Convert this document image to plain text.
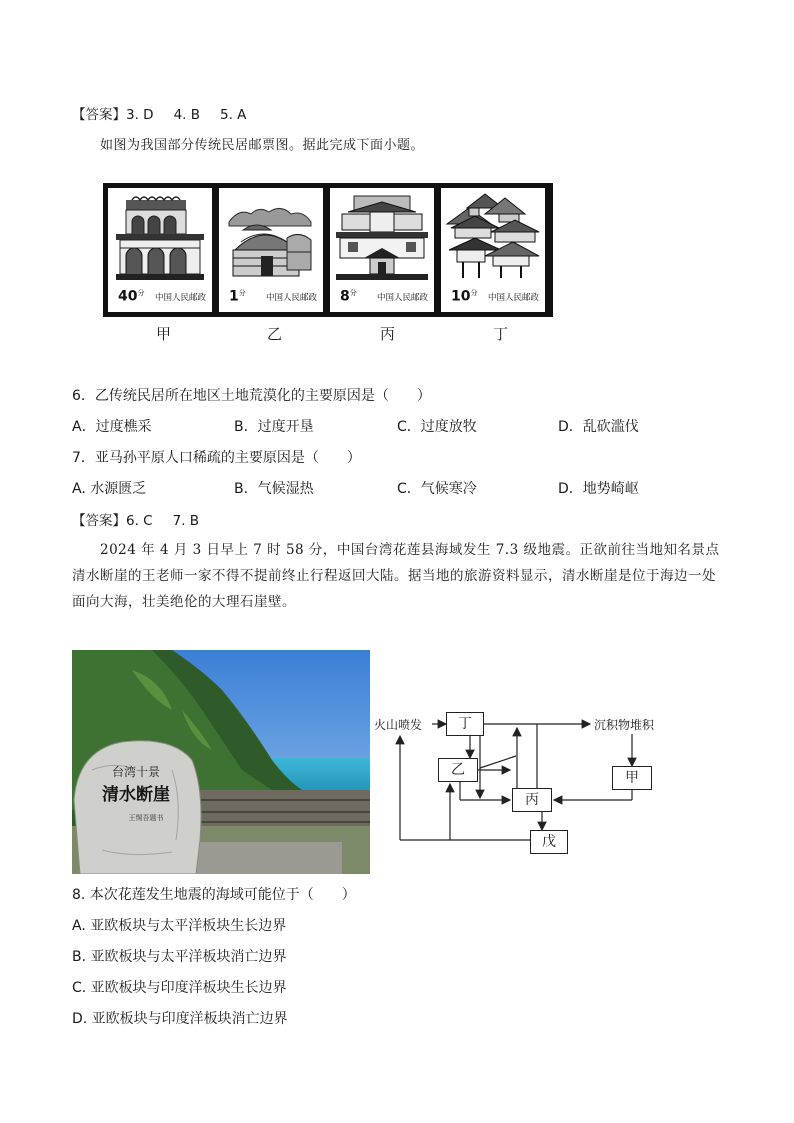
【答案】3. D 4. B 5. A
如图为我国部分传统民居邮票图。据此完成下面小题。
$40^分$ 中国人民邮政 $1^分$ 中国人民邮政 $8^分$ 中国人民邮政 $10^分$ 中国人民邮政
甲	乙	丙	丁
6．乙传统民居所在地区土地荒漠化的主要原因是（　　）
A．过度樵采	B．过度开垦	C．过度放牧	D．乱砍滥伐
7．亚马孙平原人口稀疏的主要原因是（　　）
A. 水源匮乏	B．气候湿热	C．气候寒冷	D．地势崎岖
【答案】6. C 7. B
2024 年 4 月 3 日早上 7 时 58 分，中国台湾花莲县海域发生 7.3 级地震。正欲前往当地知名景点清水断崖的王老师一家不得不提前终止行程返回大陆。据当地的旅游资料显示，清水断崖是位于海边一处面向大海，壮美绝伦的大理石崖壁。
台湾十景
清水断崖
王惕吾题书
火山喷发	沉积物堆积
丁
乙
丙
甲
戊
8. 本次花莲发生地震的海域可能位于（　　）
A. 亚欧板块与太平洋板块生长边界
B. 亚欧板块与太平洋板块消亡边界
C. 亚欧板块与印度洋板块生长边界
D. 亚欧板块与印度洋板块消亡边界
